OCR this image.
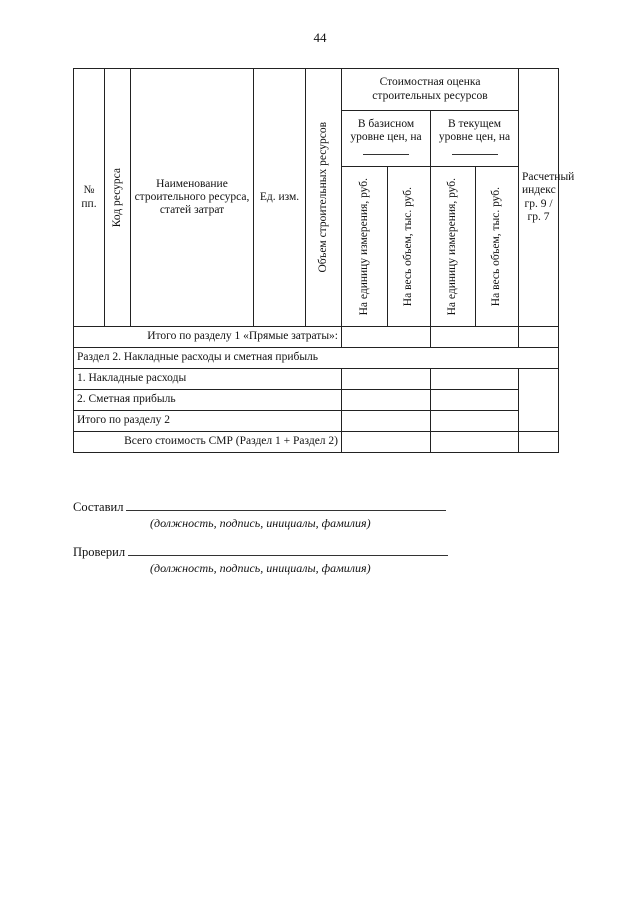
44
№ пп.	Код ресурса	Наименование строительного ресурса, статей затрат	Ед. изм.	Объем строительных ресурсов	Стоимостная оценка строительных ресурсов				Расчетный индекс гр. 9 / гр. 7
					В базисном уровне цен, на		В текущем уровне цен, на		

					На единицу измерения, руб.	На весь объем, тыс. руб.	На единицу измерения, руб.	На весь объем, тыс. руб.	

Итого по разделу 1 «Прямые затраты»:									
Раздел 2. Накладные расходы и сметная прибыль									
1. Накладные расходы									
2. Сметная прибыль									
Итого по разделу 2									
Всего стоимость СМР (Раздел 1 + Раздел 2)									
Составил
(должность, подпись, инициалы, фамилия)
Проверил
(должность, подпись, инициалы, фамилия)
